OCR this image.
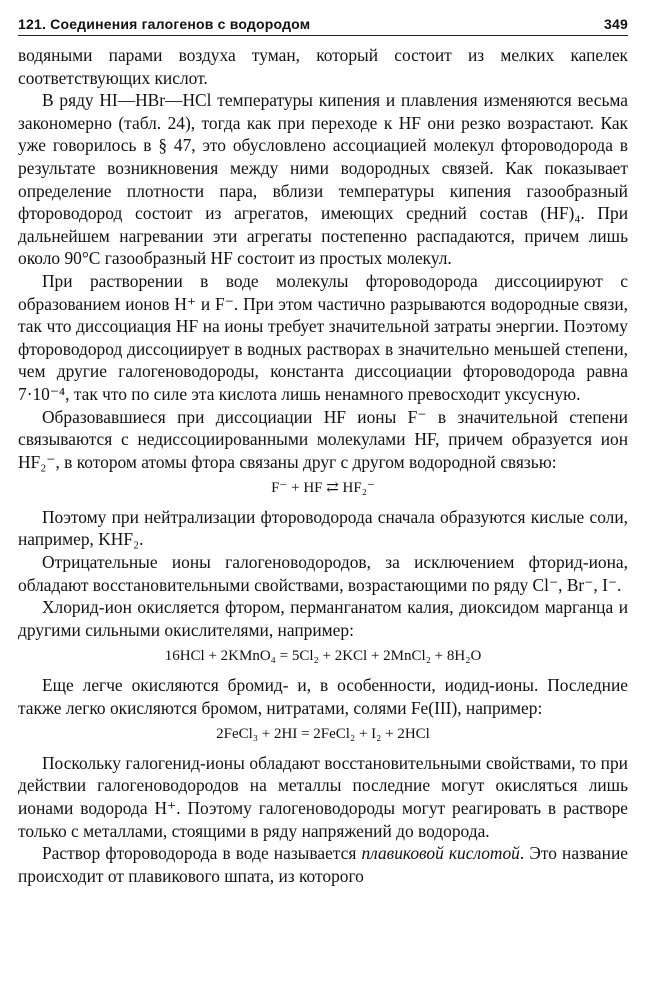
121. Соединения галогенов с водородом	349

водяными парами воздуха туман, который состоит из мелких капелек соответствующих кислот.

В ряду HI—HBr—HCl температуры кипения и плавления изменяются весьма закономерно (табл. 24), тогда как при переходе к HF они резко возрастают. Как уже говорилось в § 47, это обусловлено ассоциацией молекул фтороводорода в результате возникновения между ними водородных связей. Как показывает определение плотности пара, вблизи температуры кипения газообразный фтороводород состоит из агрегатов, имеющих средний состав (HF)₄. При дальнейшем нагревании эти агрегаты постепенно распадаются, причем лишь около 90°C газообразный HF состоит из простых молекул.

При растворении в воде молекулы фтороводорода диссоциируют с образованием ионов H⁺ и F⁻. При этом частично разрываются водородные связи, так что диссоциация HF на ионы требует значительной затраты энергии. Поэтому фтороводород диссоциирует в водных растворах в значительно меньшей степени, чем другие галогеноводороды, константа диссоциации фтороводорода равна 7·10⁻⁴, так что по силе эта кислота лишь ненамного превосходит уксусную.

Образовавшиеся при диссоциации HF ионы F⁻ в значительной степени связываются с недиссоциированными молекулами HF, причем образуется ион HF₂⁻, в котором атомы фтора связаны друг с другом водородной связью:

F⁻ + HF ⇄ HF₂⁻

Поэтому при нейтрализации фтороводорода сначала образуются кислые соли, например, KHF₂.

Отрицательные ионы галогеноводородов, за исключением фторид-иона, обладают восстановительными свойствами, возрастающими по ряду Cl⁻, Br⁻, I⁻.

Хлорид-ион окисляется фтором, перманганатом калия, диоксидом марганца и другими сильными окислителями, например:

16HCl + 2KMnO₄ = 5Cl₂ + 2KCl + 2MnCl₂ + 8H₂O

Еще легче окисляются бромид- и, в особенности, иодид-ионы. Последние также легко окисляются бромом, нитратами, солями Fe(III), например:

2FeCl₃ + 2HI = 2FeCl₂ + I₂ + 2HCl

Поскольку галогенид-ионы обладают восстановительными свойствами, то при действии галогеноводородов на металлы последние могут окисляться лишь ионами водорода H⁺. Поэтому галогеноводороды могут реагировать в растворе только с металлами, стоящими в ряду напряжений до водорода.

Раствор фтороводорода в воде называется плавиковой кислотой. Это название происходит от плавикового шпата, из которого
